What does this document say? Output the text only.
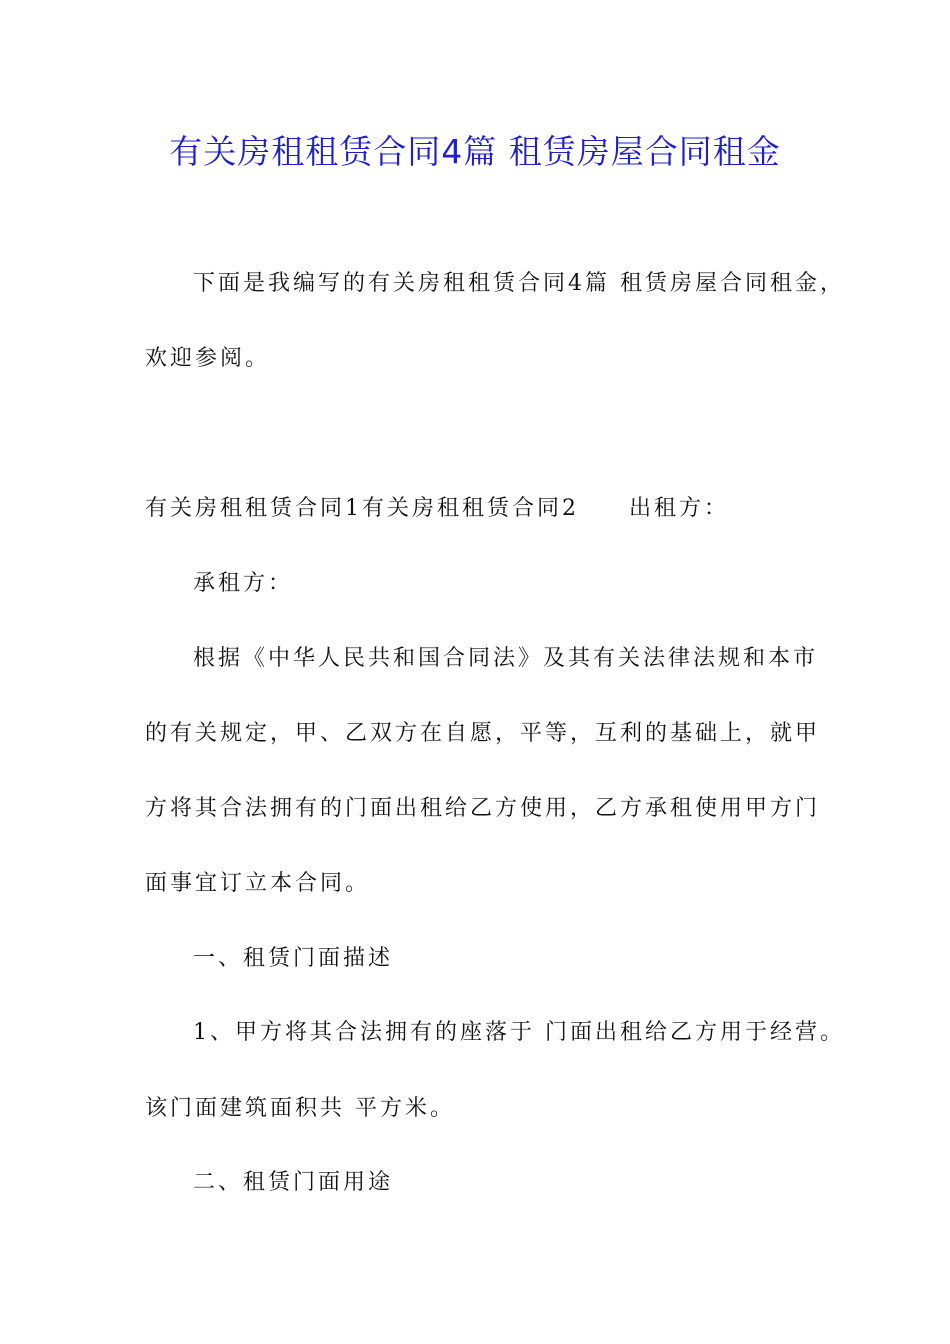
有关房租租赁合同4篇 租赁房屋合同租金
下面是我编写的有关房租租赁合同4篇 租赁房屋合同租金，
欢迎参阅。
有关房租租赁合同1有关房租租赁合同2　　出租方：
承租方：
根据《中华人民共和国合同法》及其有关法律法规和本市
的有关规定，甲、乙双方在自愿，平等，互利的基础上，就甲
方将其合法拥有的门面出租给乙方使用，乙方承租使用甲方门
面事宜订立本合同。
一、租赁门面描述
1、甲方将其合法拥有的座落于 门面出租给乙方用于经营。
该门面建筑面积共 平方米。
二、租赁门面用途
